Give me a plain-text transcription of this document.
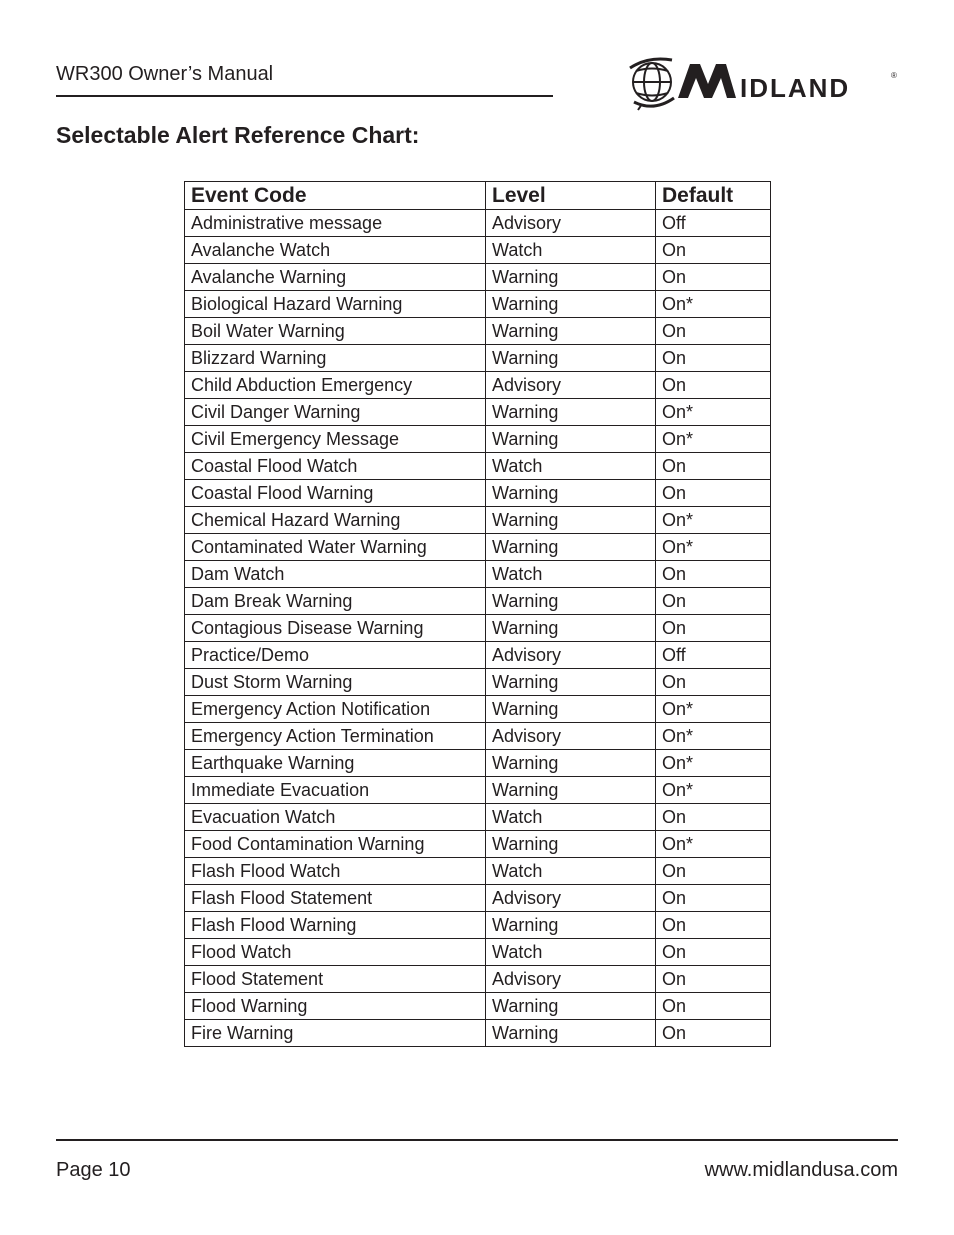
WR300 Owner’s Manual	IDLAND	®
Selectable Alert Reference Chart:
Event Code	Level	Default
Administrative message	Advisory	Off
Avalanche Watch	Watch	On
Avalanche Warning	Warning	On
Biological Hazard Warning	Warning	On*
Boil Water Warning	Warning	On
Blizzard Warning	Warning	On
Child Abduction Emergency	Advisory	On
Civil Danger Warning	Warning	On*
Civil Emergency Message	Warning	On*
Coastal Flood Watch	Watch	On
Coastal Flood Warning	Warning	On
Chemical Hazard Warning	Warning	On*
Contaminated Water Warning	Warning	On*
Dam Watch	Watch	On
Dam Break Warning	Warning	On
Contagious Disease Warning	Warning	On
Practice/Demo	Advisory	Off
Dust Storm Warning	Warning	On
Emergency Action Notification	Warning	On*
Emergency Action Termination	Advisory	On*
Earthquake Warning	Warning	On*
Immediate Evacuation	Warning	On*
Evacuation Watch	Watch	On
Food Contamination Warning	Warning	On*
Flash Flood Watch	Watch	On
Flash Flood Statement	Advisory	On
Flash Flood Warning	Warning	On
Flood Watch	Watch	On
Flood Statement	Advisory	On
Flood Warning	Warning	On
Fire Warning	Warning	On
Page 10	www.midlandusa.com
